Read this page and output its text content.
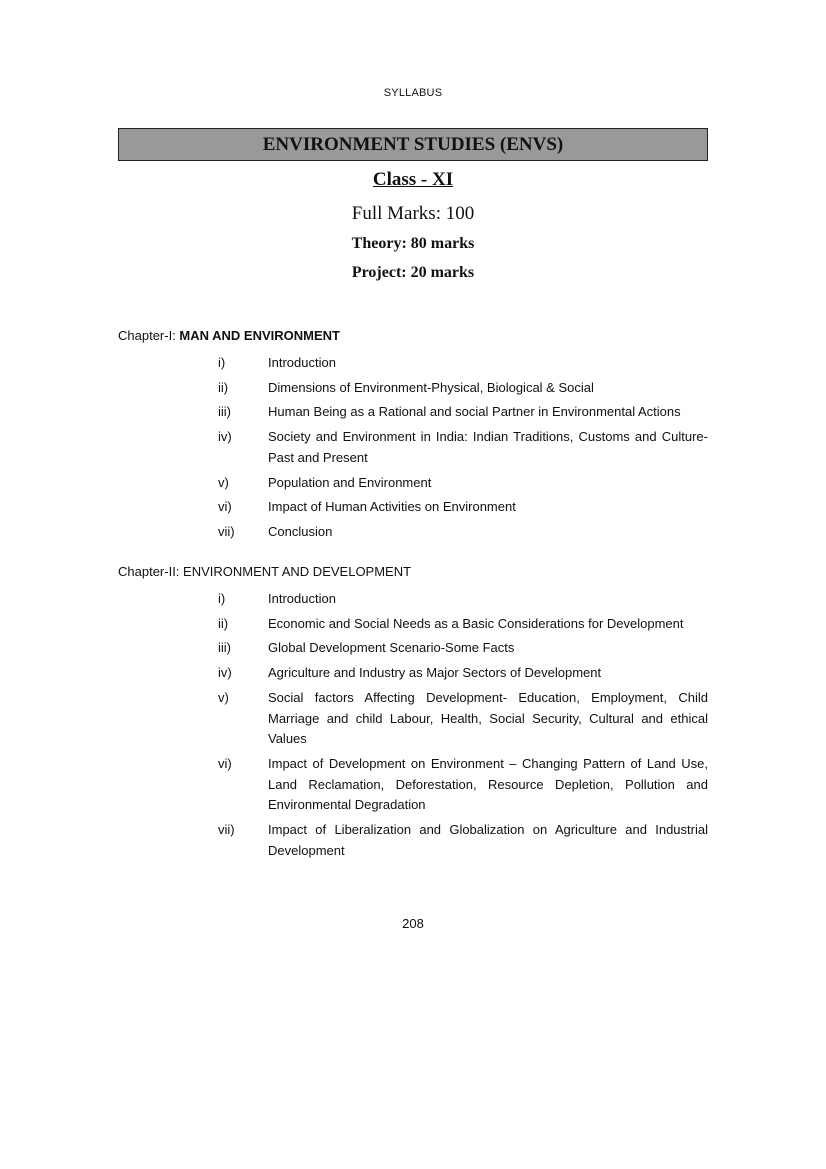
SYLLABUS
ENVIRONMENT STUDIES (ENVS)
Class - XI
Full Marks: 100
Theory: 80 marks
Project: 20 marks
Chapter-I: MAN AND ENVIRONMENT
i)	Introduction
ii)	Dimensions of Environment-Physical, Biological & Social
iii)	Human Being as a Rational and social Partner in Environmental Actions
iv)	Society and Environment in India: Indian Traditions, Customs and Culture-Past and Present
v)	Population and Environment
vi)	Impact of Human Activities on Environment
vii)	Conclusion
Chapter-II: ENVIRONMENT AND DEVELOPMENT
i)	Introduction
ii)	Economic and Social Needs as a Basic Considerations for Development
iii)	Global Development Scenario-Some Facts
iv)	Agriculture and Industry as Major Sectors of Development
v)	Social factors Affecting Development- Education, Employment, Child Marriage and child Labour, Health, Social Security, Cultural and ethical Values
vi)	Impact of Development on Environment – Changing Pattern of Land Use, Land Reclamation, Deforestation, Resource Depletion, Pollution and Environmental Degradation
vii)	Impact of Liberalization and Globalization on Agriculture and Industrial Development
208
